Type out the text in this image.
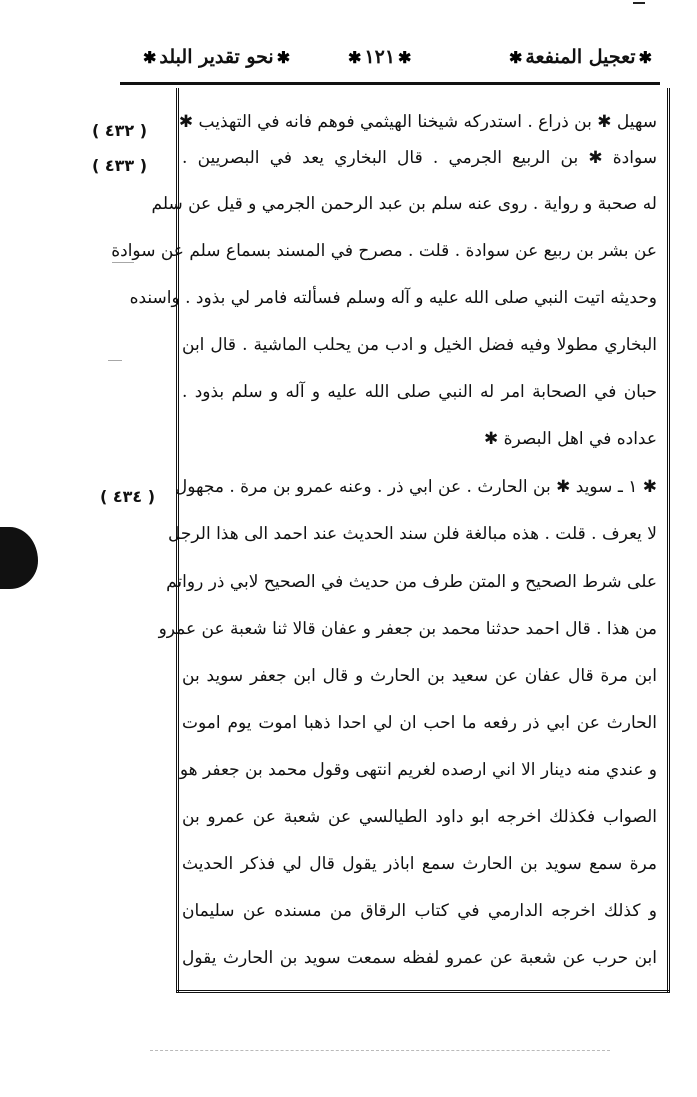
✱نحو تقدير البلد✱	✱١٢١✱	✱تعجيل المنفعة✱
( ٤٣٢ )
( ٤٣٣ )
( ٤٣٤ )
سهيل ✱ بن ذراع . استدركه شيخنا الهيثمي فوهم فانه في التهذيب ✱
سوادة ✱ بن الربيع الجرمي . قال البخاري يعد في البصريين .
له صحبة و رواية . روى عنه سلم بن عبد الرحمن الجرمي و قيل عن سلم
عن بشر بن ربيع عن سوادة . قلت . مصرح في المسند بسماع سلم عن سوادة
وحديثه اتيت النبي صلى الله عليه و آله وسلم فسألته فامر لي بذود . واسنده
البخاري مطولا وفيه فضل الخيل و ادب من يحلب الماشية . قال ابن
حبان في الصحابة امر له النبي صلى الله عليه و آله و سلم بذود .
عداده في اهل البصرة ✱
✱ ١ ـ سويد ✱ بن الحارث . عن ابي ذر . وعنه عمرو بن مرة . مجهول
لا يعرف . قلت . هذه مبالغة فلن سند الحديث عند احمد الى هذا الرجل
على شرط الصحيح و المتن طرف من حديث في الصحيح لابي ذر رواتم
من هذا . قال احمد حدثنا محمد بن جعفر و عفان قالا ثنا شعبة عن عمرو
ابن مرة قال عفان عن سعيد بن الحارث و قال ابن جعفر سويد بن
الحارث عن ابي ذر رفعه ما احب ان لي احدا ذهبا اموت يوم اموت
و عندي منه دينار الا اني ارصده لغريم انتهى وقول محمد بن جعفر هو
الصواب فكذلك اخرجه ابو داود الطيالسي عن شعبة عن عمرو بن
مرة سمع سويد بن الحارث سمع اباذر يقول قال لي فذكر الحديث
و كذلك اخرجه الدارمي في كتاب الرقاق من مسنده عن سليمان
ابن حرب عن شعبة عن عمرو لفظه سمعت سويد بن الحارث يقول
